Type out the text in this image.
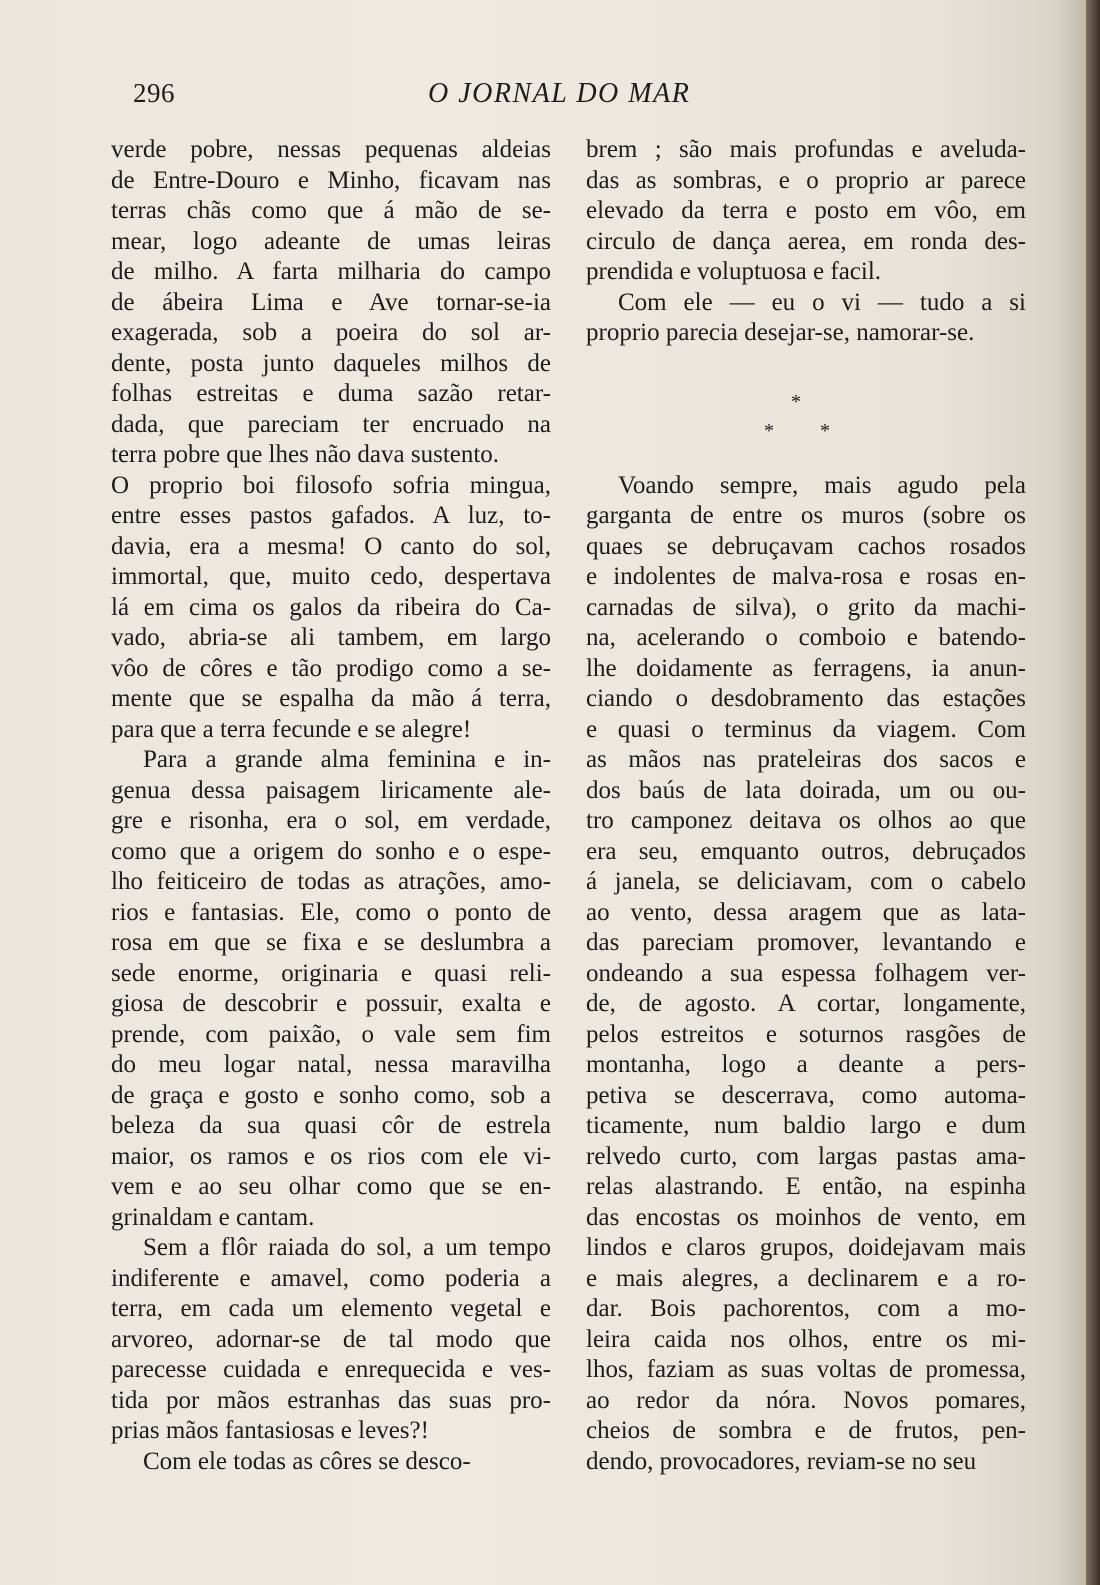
296	O JORNAL DO MAR
verde pobre, nessas pequenas aldeias
de Entre-Douro e Minho, ficavam nas
terras chãs como que á mão de se-
mear, logo adeante de umas leiras
de milho. A farta milharia do campo
de ábeira Lima e Ave tornar-se-ia
exagerada, sob a poeira do sol ar-
dente, posta junto daqueles milhos de
folhas estreitas e duma sazão retar-
dada, que pareciam ter encruado na
terra pobre que lhes não dava sustento.
O proprio boi filosofo sofria mingua,
entre esses pastos gafados. A luz, to-
davia, era a mesma! O canto do sol,
immortal, que, muito cedo, despertava
lá em cima os galos da ribeira do Ca-
vado, abria-se ali tambem, em largo
vôo de côres e tão prodigo como a se-
mente que se espalha da mão á terra,
para que a terra fecunde e se alegre!
Para a grande alma feminina e in-
genua dessa paisagem liricamente ale-
gre e risonha, era o sol, em verdade,
como que a origem do sonho e o espe-
lho feiticeiro de todas as atrações, amo-
rios e fantasias. Ele, como o ponto de
rosa em que se fixa e se deslumbra a
sede enorme, originaria e quasi reli-
giosa de descobrir e possuir, exalta e
prende, com paixão, o vale sem fim
do meu logar natal, nessa maravilha
de graça e gosto e sonho como, sob a
beleza da sua quasi côr de estrela
maior, os ramos e os rios com ele vi-
vem e ao seu olhar como que se en-
grinaldam e cantam.
Sem a flôr raiada do sol, a um tempo
indiferente e amavel, como poderia a
terra, em cada um elemento vegetal e
arvoreo, adornar-se de tal modo que
parecesse cuidada e enrequecida e ves-
tida por mãos estranhas das suas pro-
prias mãos fantasiosas e leves?!
Com ele todas as côres se desco-
brem ; são mais profundas e aveluda-
das as sombras, e o proprio ar parece
elevado da terra e posto em vôo, em
circulo de dança aerea, em ronda des-
prendida e voluptuosa e facil.
Com ele — eu o vi — tudo a si
proprio parecia desejar-se, namorar-se.
*
* *
Voando sempre, mais agudo pela
garganta de entre os muros (sobre os
quaes se debruçavam cachos rosados
e indolentes de malva-rosa e rosas en-
carnadas de silva), o grito da machi-
na, acelerando o comboio e batendo-
lhe doidamente as ferragens, ia anun-
ciando o desdobramento das estações
e quasi o terminus da viagem. Com
as mãos nas prateleiras dos sacos e
dos baús de lata doirada, um ou ou-
tro camponez deitava os olhos ao que
era seu, emquanto outros, debruçados
á janela, se deliciavam, com o cabelo
ao vento, dessa aragem que as lata-
das pareciam promover, levantando e
ondeando a sua espessa folhagem ver-
de, de agosto. A cortar, longamente,
pelos estreitos e soturnos rasgões de
montanha, logo a deante a pers-
petiva se descerrava, como automa-
ticamente, num baldio largo e dum
relvedo curto, com largas pastas ama-
relas alastrando. E então, na espinha
das encostas os moinhos de vento, em
lindos e claros grupos, doidejavam mais
e mais alegres, a declinarem e a ro-
dar. Bois pachorentos, com a mo-
leira caida nos olhos, entre os mi-
lhos, faziam as suas voltas de promessa,
ao redor da nóra. Novos pomares,
cheios de sombra e de frutos, pen-
dendo, provocadores, reviam-se no seu
